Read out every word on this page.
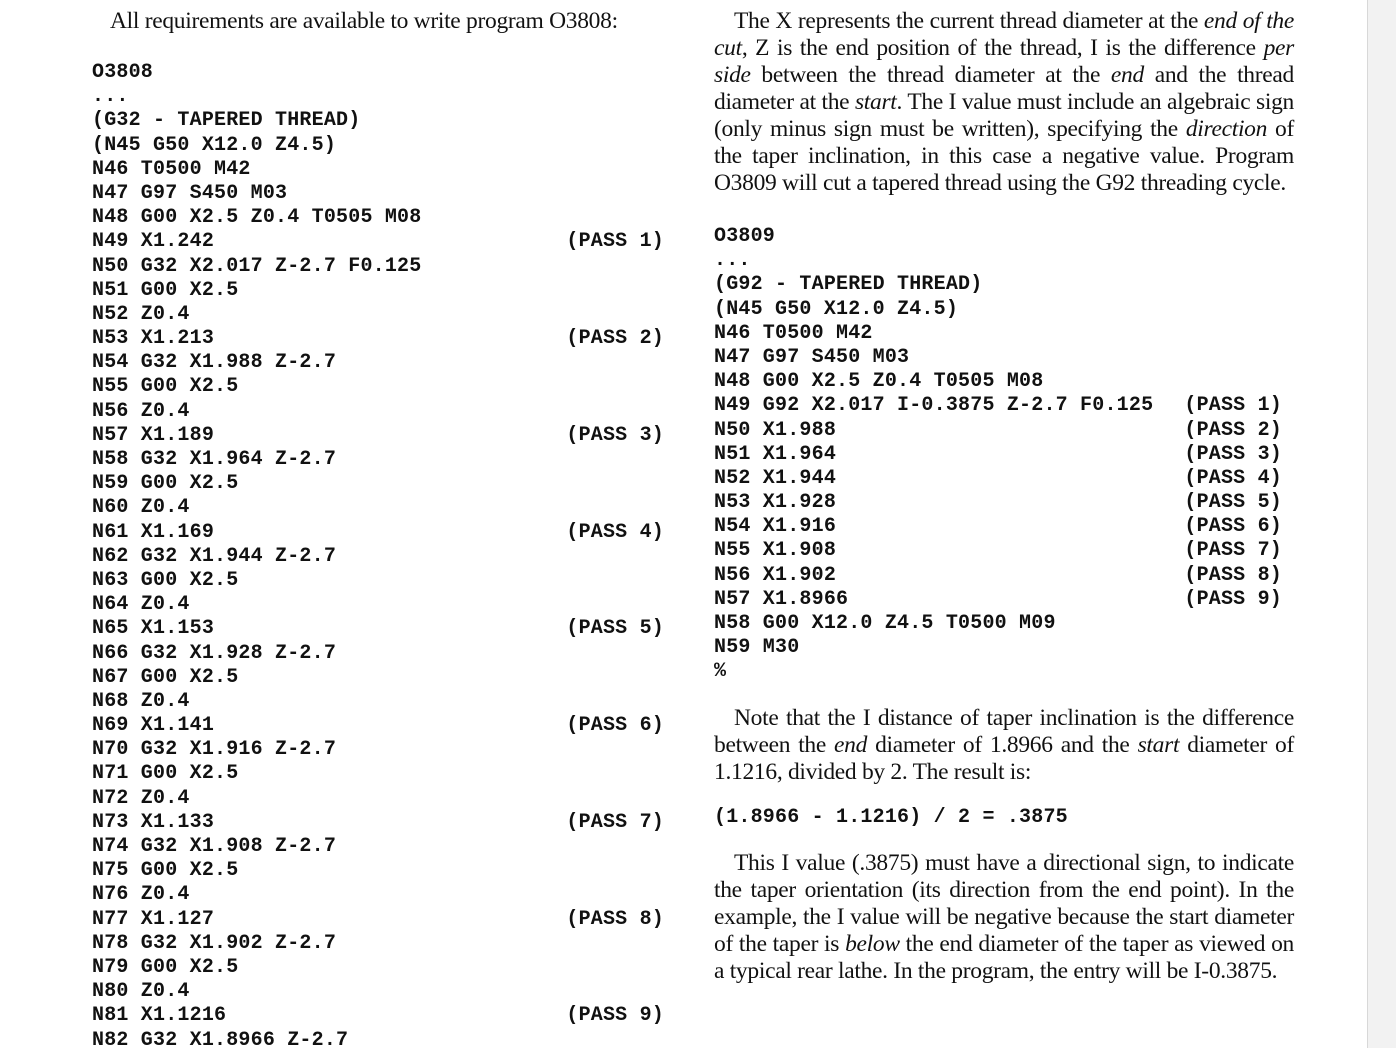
All requirements are available to write program O3808:

O3808
...
(G32 - TAPERED THREAD)
(N45 G50 X12.0 Z4.5)
N46 T0500 M42
N47 G97 S450 M03
N48 G00 X2.5 Z0.4 T0505 M08
N49 X1.242	(PASS 1)
N50 G32 X2.017 Z-2.7 F0.125
N51 G00 X2.5
N52 Z0.4
N53 X1.213	(PASS 2)
N54 G32 X1.988 Z-2.7
N55 G00 X2.5
N56 Z0.4
N57 X1.189	(PASS 3)
N58 G32 X1.964 Z-2.7
N59 G00 X2.5
N60 Z0.4
N61 X1.169	(PASS 4)
N62 G32 X1.944 Z-2.7
N63 G00 X2.5
N64 Z0.4
N65 X1.153	(PASS 5)
N66 G32 X1.928 Z-2.7
N67 G00 X2.5
N68 Z0.4
N69 X1.141	(PASS 6)
N70 G32 X1.916 Z-2.7
N71 G00 X2.5
N72 Z0.4
N73 X1.133	(PASS 7)
N74 G32 X1.908 Z-2.7
N75 G00 X2.5
N76 Z0.4
N77 X1.127	(PASS 8)
N78 G32 X1.902 Z-2.7
N79 G00 X2.5
N80 Z0.4
N81 X1.1216	(PASS 9)
N82 G32 X1.8966 Z-2.7

The X represents the current thread diameter at the end of the cut, Z is the end position of the thread, I is the difference per side between the thread diameter at the end and the thread diameter at the start. The I value must include an algebraic sign (only minus sign must be written), specifying the direction of the taper inclination, in this case a negative value. Program O3809 will cut a tapered thread using the G92 threading cycle.

O3809
...
(G92 - TAPERED THREAD)
(N45 G50 X12.0 Z4.5)
N46 T0500 M42
N47 G97 S450 M03
N48 G00 X2.5 Z0.4 T0505 M08
N49 G92 X2.017 I-0.3875 Z-2.7 F0.125 (PASS 1)
N50 X1.988	(PASS 2)
N51 X1.964	(PASS 3)
N52 X1.944	(PASS 4)
N53 X1.928	(PASS 5)
N54 X1.916	(PASS 6)
N55 X1.908	(PASS 7)
N56 X1.902	(PASS 8)
N57 X1.8966	(PASS 9)
N58 G00 X12.0 Z4.5 T0500 M09
N59 M30
%

Note that the I distance of taper inclination is the difference between the end diameter of 1.8966 and the start diameter of 1.1216, divided by 2. The result is:

(1.8966 - 1.1216) / 2 = .3875

This I value (.3875) must have a directional sign, to indicate the taper orientation (its direction from the end point). In the example, the I value will be negative because the start diameter of the taper is below the end diameter of the taper as viewed on a typical rear lathe. In the program, the entry will be I-0.3875.
